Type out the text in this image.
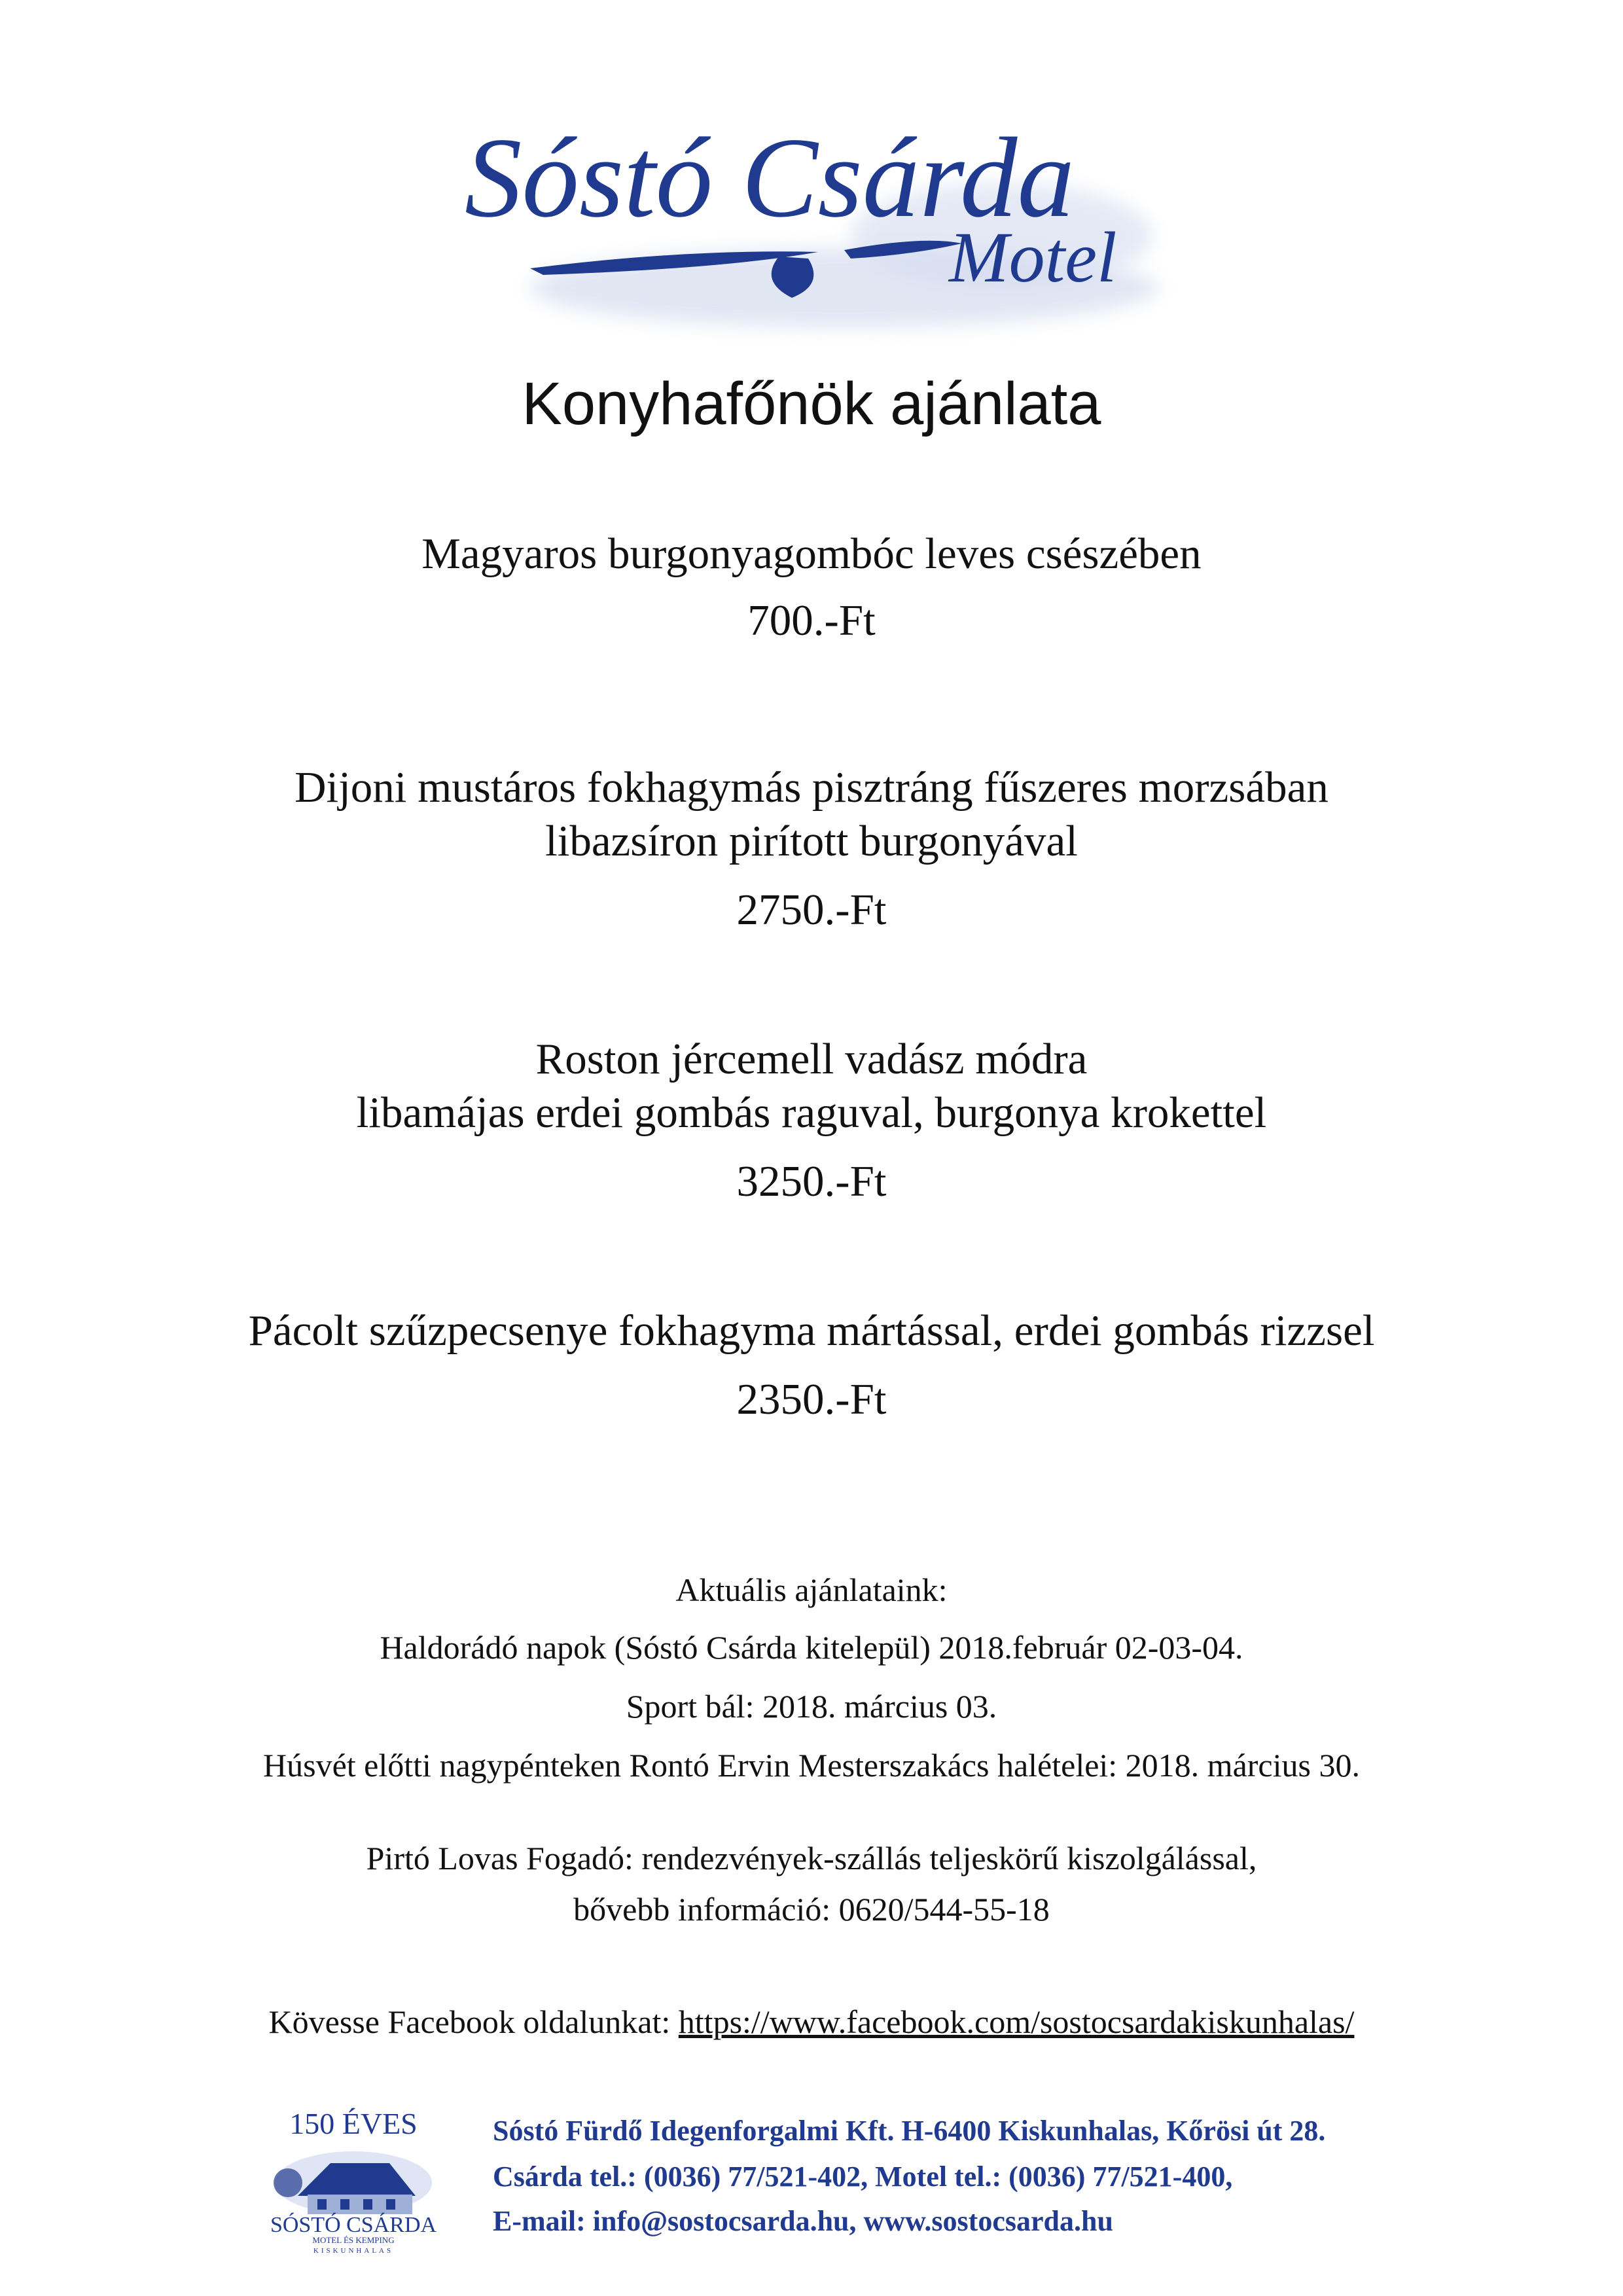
Sóstó Csárda
Motel
Konyhafőnök ajánlata
Magyaros burgonyagombóc leves csészében
700.-Ft
Dijoni mustáros fokhagymás pisztráng fűszeres morzsában
libazsíron pirított burgonyával
2750.-Ft
Roston jércemell vadász módra
libamájas erdei gombás raguval, burgonya krokettel
3250.-Ft
Pácolt szűzpecsenye fokhagyma mártással, erdei gombás rizzsel
2350.-Ft
Aktuális ajánlataink:
Haldorádó napok (Sóstó Csárda kitelepül) 2018.február 02-03-04.
Sport bál: 2018. március 03.
Húsvét előtti nagypénteken Rontó Ervin Mesterszakács halételei: 2018. március 30.
Pirtó Lovas Fogadó: rendezvények-szállás teljeskörű kiszolgálással,
bővebb információ: 0620/544-55-18
Kövesse Facebook oldalunkat: https://www.facebook.com/sostocsardakiskunhalas/
150 ÉVES
SÓSTÓ CSÁRDA
MOTEL ÉS KEMPING
KISKUNHALAS
Sóstó Fürdő Idegenforgalmi Kft. H-6400 Kiskunhalas, Kőrösi út 28.
Csárda tel.: (0036) 77/521-402, Motel tel.: (0036) 77/521-400,
E-mail: info@sostocsarda.hu, www.sostocsarda.hu
